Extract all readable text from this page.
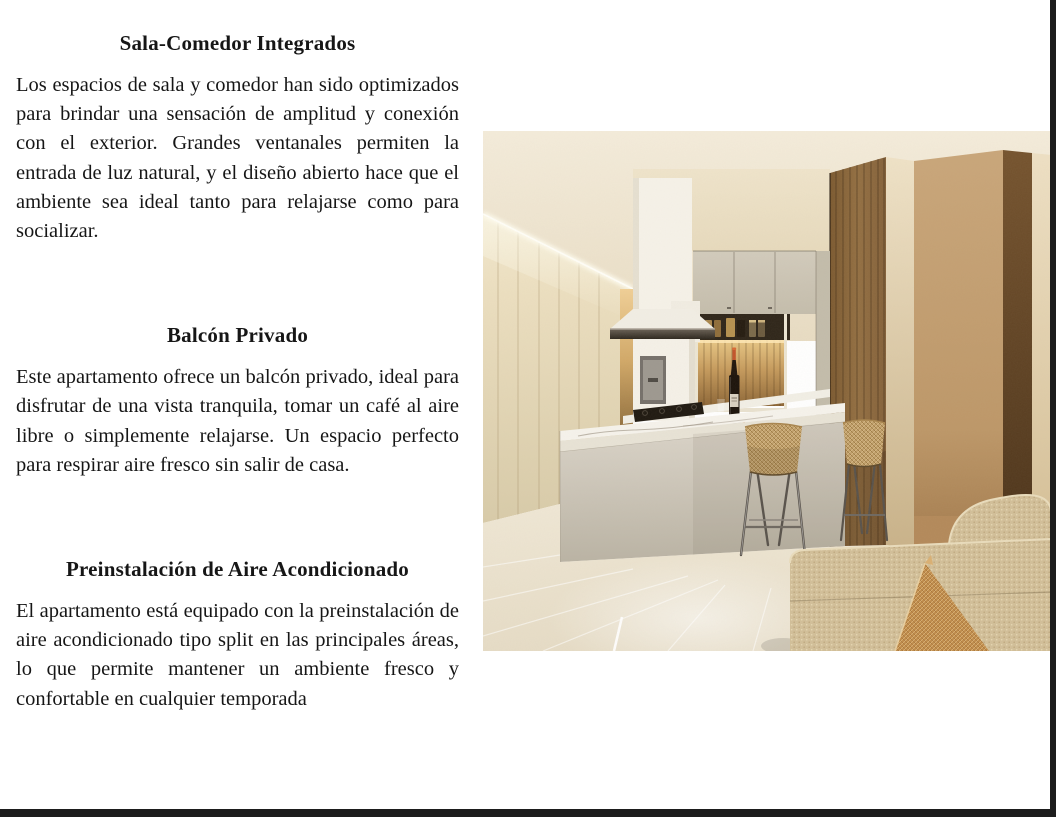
Sala-Comedor Integrados

Los espacios de sala y comedor han sido optimizados para brindar una sensación de amplitud y conexión con el exterior. Grandes ventanales permiten la entrada de luz natural, y el diseño abierto hace que el ambiente sea ideal tanto para relajarse como para socializar.

Balcón Privado

Este apartamento ofrece un balcón privado, ideal para disfrutar de una vista tranquila, tomar un café al aire libre o simplemente relajarse. Un espacio perfecto para respirar aire fresco sin salir de casa.

Preinstalación de Aire Acondicionado

El apartamento está equipado con la preinstalación de aire acondicionado tipo split en las principales áreas, lo que permite mantener un ambiente fresco y confortable en cualquier temporada
